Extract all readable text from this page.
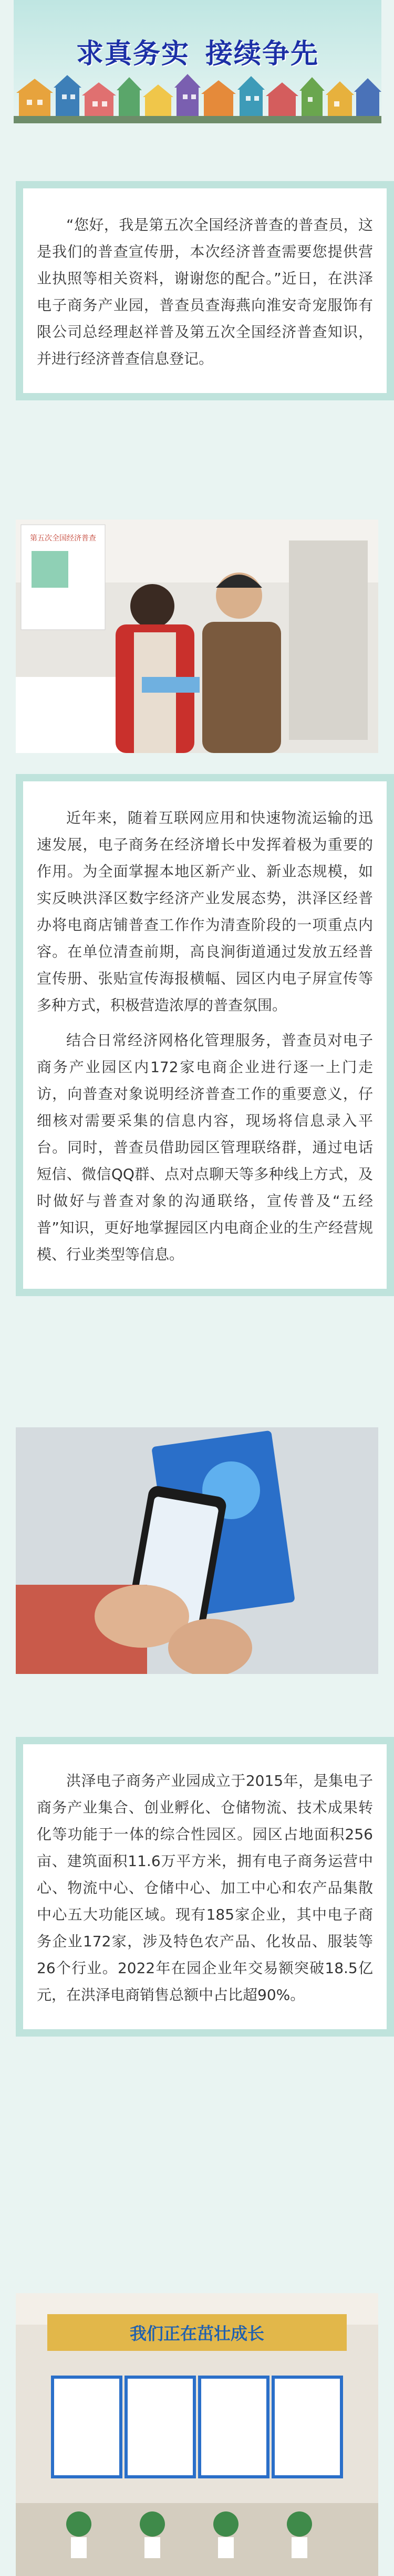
求真务实 接续争先

“您好，我是第五次全国经济普查的普查员，这是我们的普查宣传册，本次经济普查需要您提供营业执照等相关资料，谢谢您的配合。”近日，在洪泽电子商务产业园，普查员查海燕向淮安奇宠服饰有限公司总经理赵祥普及第五次全国经济普查知识，并进行经济普查信息登记。

第五次全国经济普查

近年来，随着互联网应用和快速物流运输的迅速发展，电子商务在经济增长中发挥着极为重要的作用。为全面掌握本地区新产业、新业态规模，如实反映洪泽区数字经济产业发展态势，洪泽区经普办将电商店铺普查工作作为清查阶段的一项重点内容。在单位清查前期，高良涧街道通过发放五经普宣传册、张贴宣传海报横幅、园区内电子屏宣传等多种方式，积极营造浓厚的普查氛围。

结合日常经济网格化管理服务，普查员对电子商务产业园区内172家电商企业进行逐一上门走访，向普查对象说明经济普查工作的重要意义，仔细核对需要采集的信息内容，现场将信息录入平台。同时，普查员借助园区管理联络群，通过电话短信、微信QQ群、点对点聊天等多种线上方式，及时做好与普查对象的沟通联络，宣传普及“五经普”知识，更好地掌握园区内电商企业的生产经营规模、行业类型等信息。

洪泽电子商务产业园成立于2015年，是集电子商务产业集合、创业孵化、仓储物流、技术成果转化等功能于一体的综合性园区。园区占地面积256亩、建筑面积11.6万平方米，拥有电子商务运营中心、物流中心、仓储中心、加工中心和农产品集散中心五大功能区域。现有185家企业，其中电子商务企业172家，涉及特色农产品、化妆品、服装等26个行业。2022年在园企业年交易额突破18.5亿元，在洪泽电商销售总额中占比超90%。

我们正在茁壮成长
